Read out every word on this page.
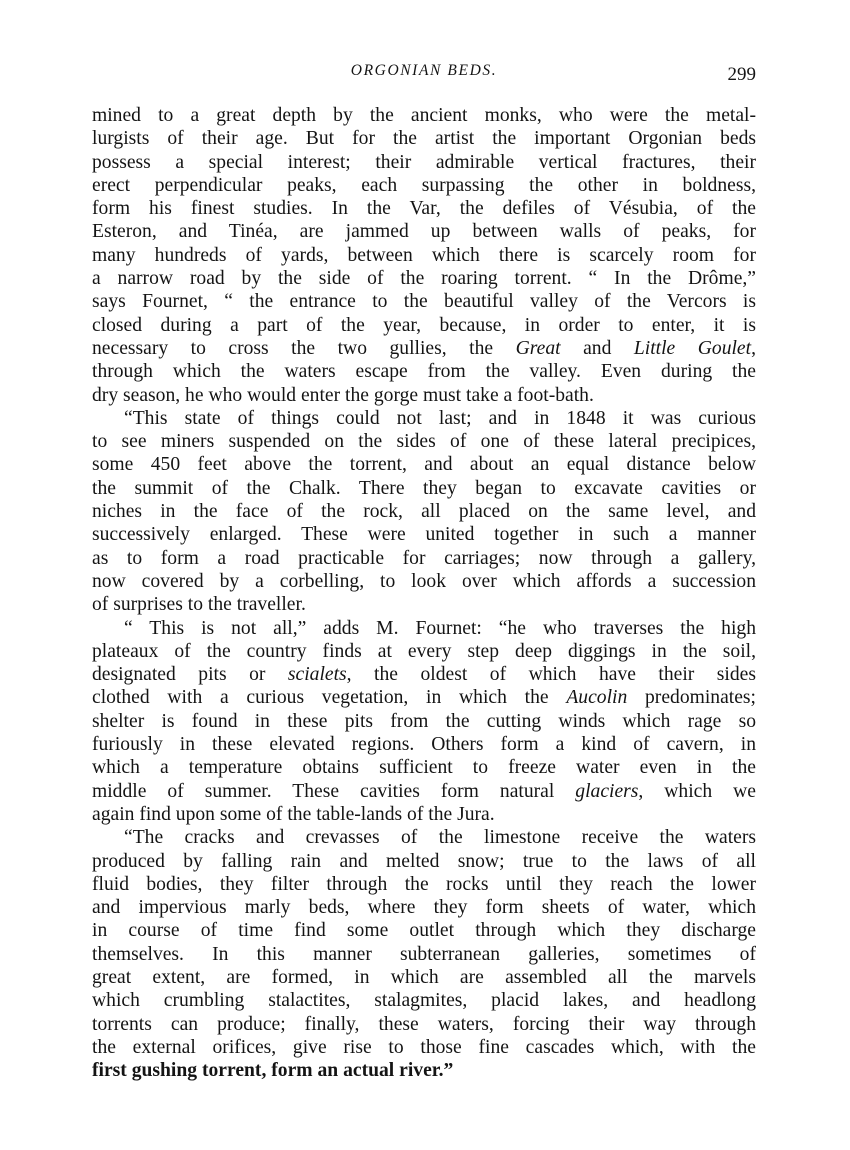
ORGONIAN BEDS.	299
mined to a great depth by the ancient monks, who were the metal-
lurgists of their age. But for the artist the important Orgonian beds
possess a special interest; their admirable vertical fractures, their
erect perpendicular peaks, each surpassing the other in boldness,
form his finest studies. In the Var, the defiles of Vésubia, of the
Esteron, and Tinéa, are jammed up between walls of peaks, for
many hundreds of yards, between which there is scarcely room for
a narrow road by the side of the roaring torrent. “ In the Drôme,”
says Fournet, “ the entrance to the beautiful valley of the Vercors is
closed during a part of the year, because, in order to enter, it is
necessary to cross the two gullies, the Great and Little Goulet,
through which the waters escape from the valley. Even during the
dry season, he who would enter the gorge must take a foot-bath.
“This state of things could not last; and in 1848 it was curious
to see miners suspended on the sides of one of these lateral precipices,
some 450 feet above the torrent, and about an equal distance below
the summit of the Chalk. There they began to excavate cavities or
niches in the face of the rock, all placed on the same level, and
successively enlarged. These were united together in such a manner
as to form a road practicable for carriages; now through a gallery,
now covered by a corbelling, to look over which affords a succession
of surprises to the traveller.
“ This is not all,” adds M. Fournet: “he who traverses the high
plateaux of the country finds at every step deep diggings in the soil,
designated pits or scialets, the oldest of which have their sides
clothed with a curious vegetation, in which the Aucolin predominates;
shelter is found in these pits from the cutting winds which rage so
furiously in these elevated regions. Others form a kind of cavern, in
which a temperature obtains sufficient to freeze water even in the
middle of summer. These cavities form natural glaciers, which we
again find upon some of the table-lands of the Jura.
“The cracks and crevasses of the limestone receive the waters
produced by falling rain and melted snow; true to the laws of all
fluid bodies, they filter through the rocks until they reach the lower
and impervious marly beds, where they form sheets of water, which
in course of time find some outlet through which they discharge
themselves. In this manner subterranean galleries, sometimes of
great extent, are formed, in which are assembled all the marvels
which crumbling stalactites, stalagmites, placid lakes, and headlong
torrents can produce; finally, these waters, forcing their way through
the external orifices, give rise to those fine cascades which, with the
first gushing torrent, form an actual river.”
